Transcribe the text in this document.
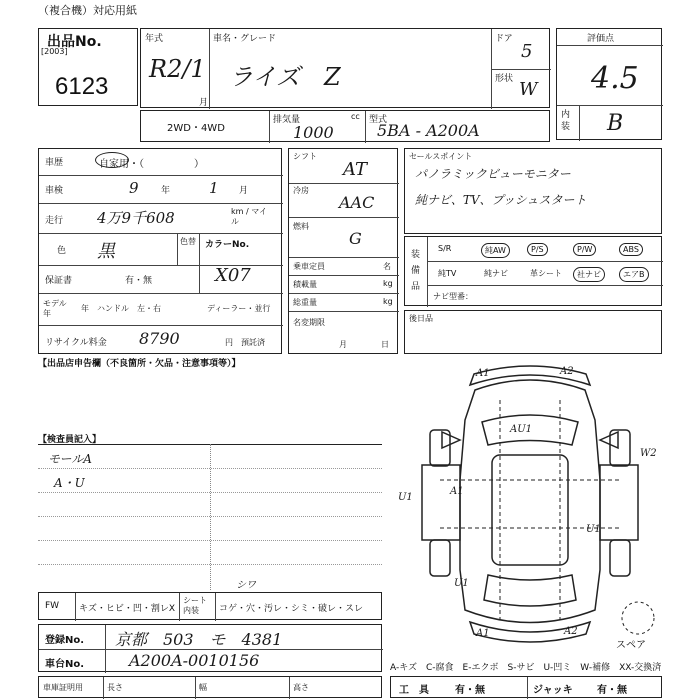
（複合機）対応用紙
出品No.
[2003]
6123
年式
R2/1
月
車名・グレード
ライズ　Z
ドア
5
形状 W
評価点
4.5
内装 B
2WD・4WD
排気量	cc
1000
型式
5BA - A200A
車歴	自家用・（　　　　　）
車検	9 年	1 月
走行 4万9千608	km / マイル
色 黒	色替 カラーNo.
X07
保証書	有・無
モデル年
年 ハンドル　左・右	ディーラー・並行
リサイクル料金 8790	円　預託済
シフト
AT
冷房
AAC
燃料
G
乗車定員	名
積載量	kg
総重量	kg
名変期限
月	日
セールスポイント
パノラミックビューモニター
純ナビ、TV、プッシュスタート
装備品
S/R	純AW	P/S	P/W	ABS
純TV	純ナビ	革シート	社ナビ	エアB
ナビ型番：
後日品
【出品店申告欄（不良箇所・欠品・注意事項等）】
【検査員記入】
モールA
A・U
A1	A2
AU1
W2
A1
U1
U1
U1
A1	A2
スペア
FW キズ・ヒビ・凹・割レX
シート内装	コゲ・穴・汚レ・シミ・破レ・スレ
シワ
登録No. 京都　503　モ　4381
車台No.	A200A-0010156	A-キズ　C-腐食　E-エクボ　S-サビ　U-凹ミ　W-補修　XX-交換済
車庫証明用	長さ	幅	高さ	工　具	有・無	ジャッキ 有・無
